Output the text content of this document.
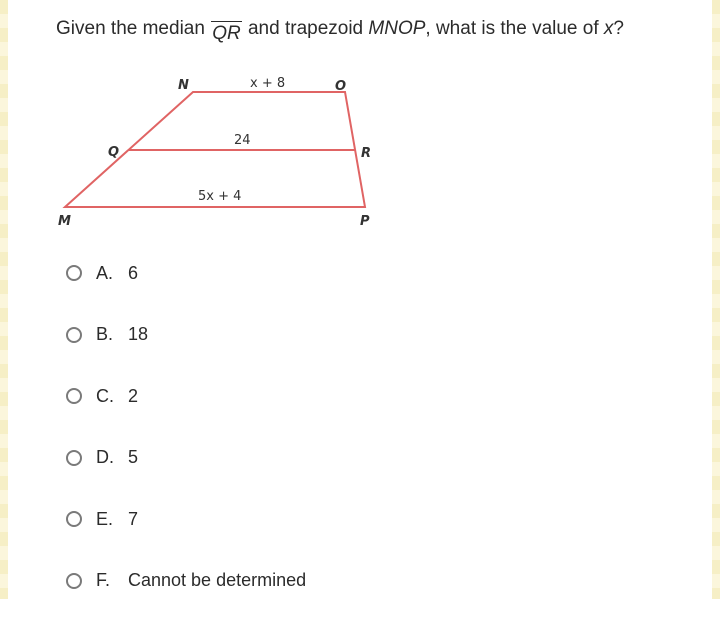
Given the median QR and trapezoid MNOP, what is the value of x?
N	O
Q	R
M	P
x + 8
24
5x + 4
A. 6
B. 18
C. 2
D. 5
E. 7
F. Cannot be determined
